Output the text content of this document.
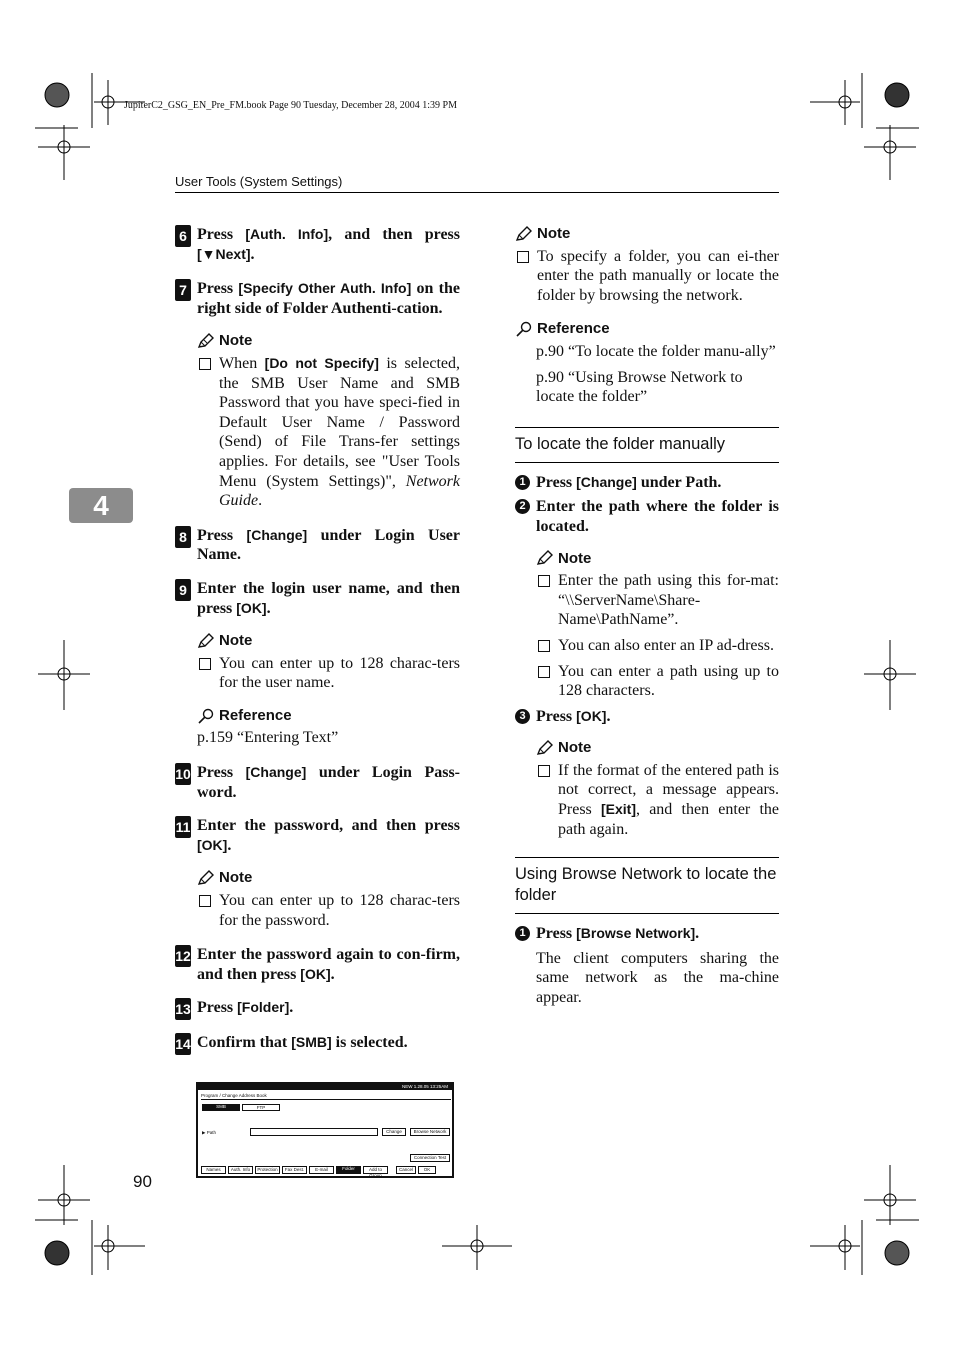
JupiterC2_GSG_EN_Pre_FM.book Page 90 Tuesday, December 28, 2004 1:39 PM
User Tools (System Settings)
4
90
6 Press [Auth. Info], and then press [▼Next].
7 Press [Specify Other Auth. Info] on the right side of Folder Authenti-cation.
Note
When [Do not Specify] is selected, the SMB User Name and SMB Password that you have speci-fied in Default User Name / Password (Send) of File Trans-fer settings applies. For details, see "User Tools Menu (System Settings)", Network Guide.
8 Press [Change] under Login User Name.
9 Enter the login user name, and then press [OK].
Note
You can enter up to 128 charac-ters for the user name.
Reference
p.159 “Entering Text”
10 Press [Change] under Login Pass-word.
11 Enter the password, and then press [OK].
Note
You can enter up to 128 charac-ters for the password.
12 Enter the password again to con-firm, and then press [OK].
13 Press [Folder].
14 Confirm that [SMB] is selected.
NEW 1.28.05 13:25AM
Program / Change Address Book
SMB	FTP
▶ Path	Change	Browse Network
Connection Test
Names	Auth. Info	Protection	Fax Dest.	E-mail	Folder	Add to Group
Cancel	OK
Note
To specify a folder, you can ei-ther enter the path manually or locate the folder by browsing the network.
Reference
p.90 “To locate the folder manu-ally”
p.90 “Using Browse Network to locate the folder”
To locate the folder manually
1 Press [Change] under Path.
2 Enter the path where the folder is located.
Note
Enter the path using this for-mat: “\\ServerName\Share-Name\PathName”.
You can also enter an IP ad-dress.
You can enter a path using up to 128 characters.
3 Press [OK].
Note
If the format of the entered path is not correct, a message appears. Press [Exit], and then enter the path again.
Using Browse Network to locate the folder
1 Press [Browse Network].
The client computers sharing the same network as the ma-chine appear.
